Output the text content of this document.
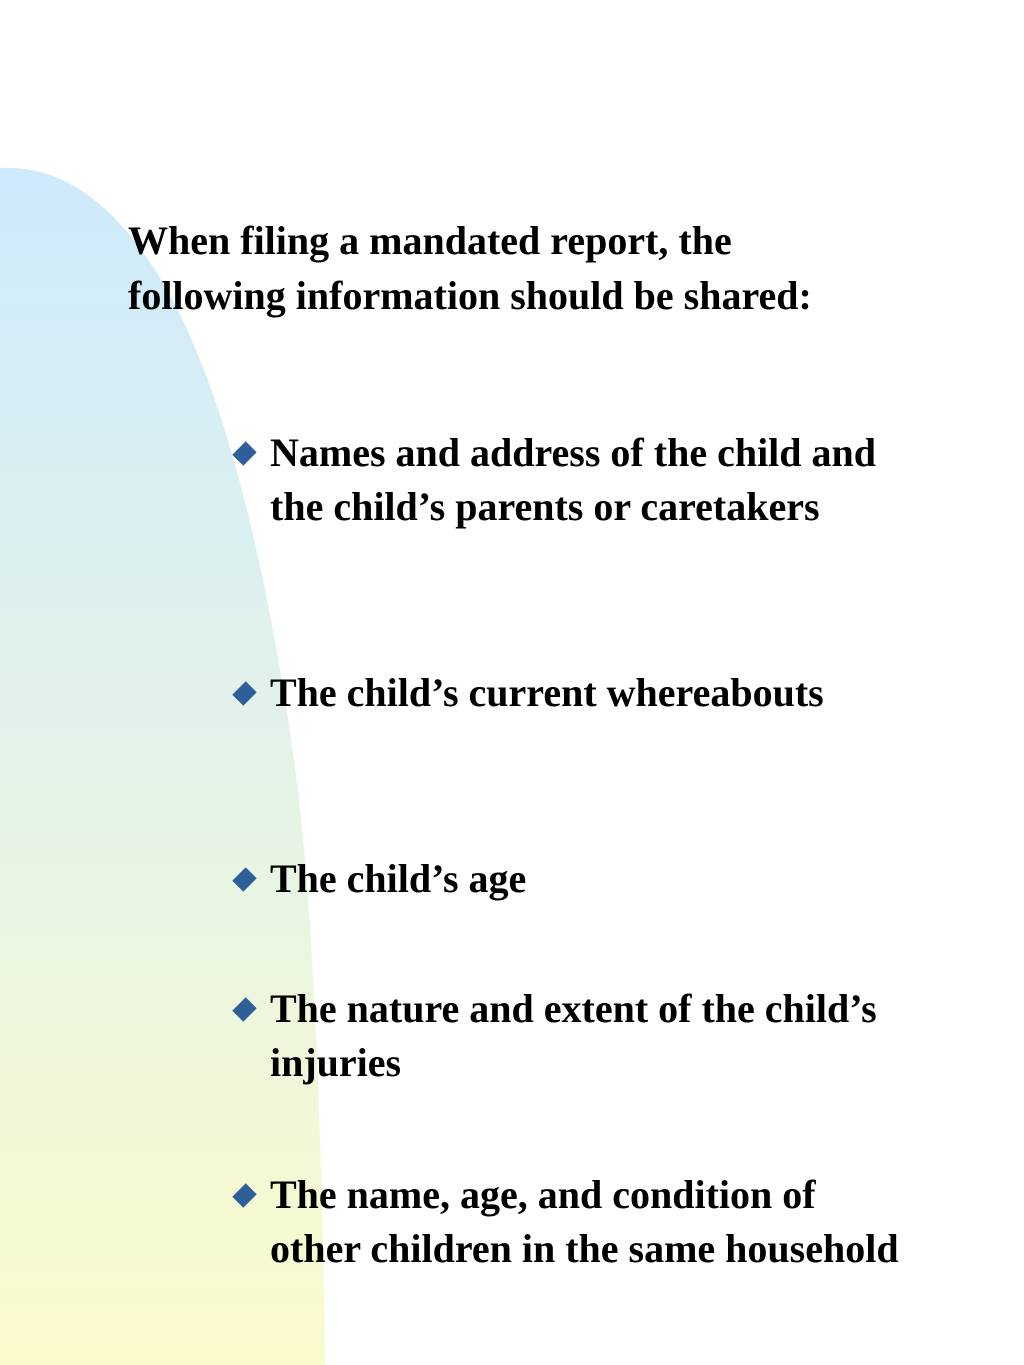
When filing a mandated report, the following information should be shared:

Names and address of the child and the child’s parents or caretakers
The child’s current whereabouts
The child’s age
The nature and extent of the child’s injuries
The name, age, and condition of other children in the same household
